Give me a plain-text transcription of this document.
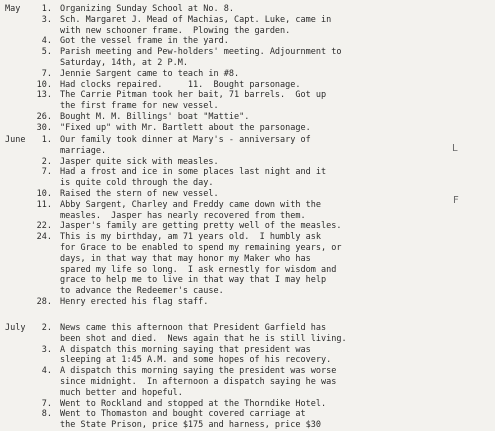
May	1. Organizing Sunday School at No. 8.
3. Sch. Margaret J. Mead of Machias, Capt. Luke, came in
with new schooner frame.  Plowing the garden.
4. Got the vessel frame in the yard.
5. Parish meeting and Pew-holders' meeting. Adjournment to
Saturday, 14th, at 2 P.M.
7. Jennie Sargent came to teach in #8.
10. Had clocks repaired.     11.  Bought parsonage.
13. The Carrie Pitman took her bait, 71 barrels.  Got up
the first frame for new vessel.
26. Bought M. M. Billings' boat "Mattie".
30. "Fixed up" with Mr. Bartlett about the parsonage.
June	1. Our family took dinner at Mary's - anniversary of
marriage.
2. Jasper quite sick with measles.
7. Had a frost and ice in some places last night and it
is quite cold through the day.
10. Raised the stern of new vessel.
11. Abby Sargent, Charley and Freddy came down with the
measles.  Jasper has nearly recovered from them.
22. Jasper's family are getting pretty well of the measles.
24. This is my birthday, am 71 years old.  I humbly ask
for Grace to be enabled to spend my remaining years, or
days, in that way that may honor my Maker who has
spared my life so long.  I ask ernestly for wisdom and
grace to help me to live in that way that I may help
to advance the Redeemer's cause.
28. Henry erected his flag staff.
July	2. News came this afternoon that President Garfield has
been shot and died.  News again that he is still living.
3. A dispatch this morning saying that president was
sleeping at 1:45 A.M. and some hopes of his recovery.
4. A dispatch this morning saying the president was worse
since midnight.  In afternoon a dispatch saying he was
much better and hopeful.
7. Went to Rockland and stopped at the Thorndike Hotel.
8. Went to Thomaston and bought covered carriage at
the State Prison, price $175 and harness, price $30
L
F
